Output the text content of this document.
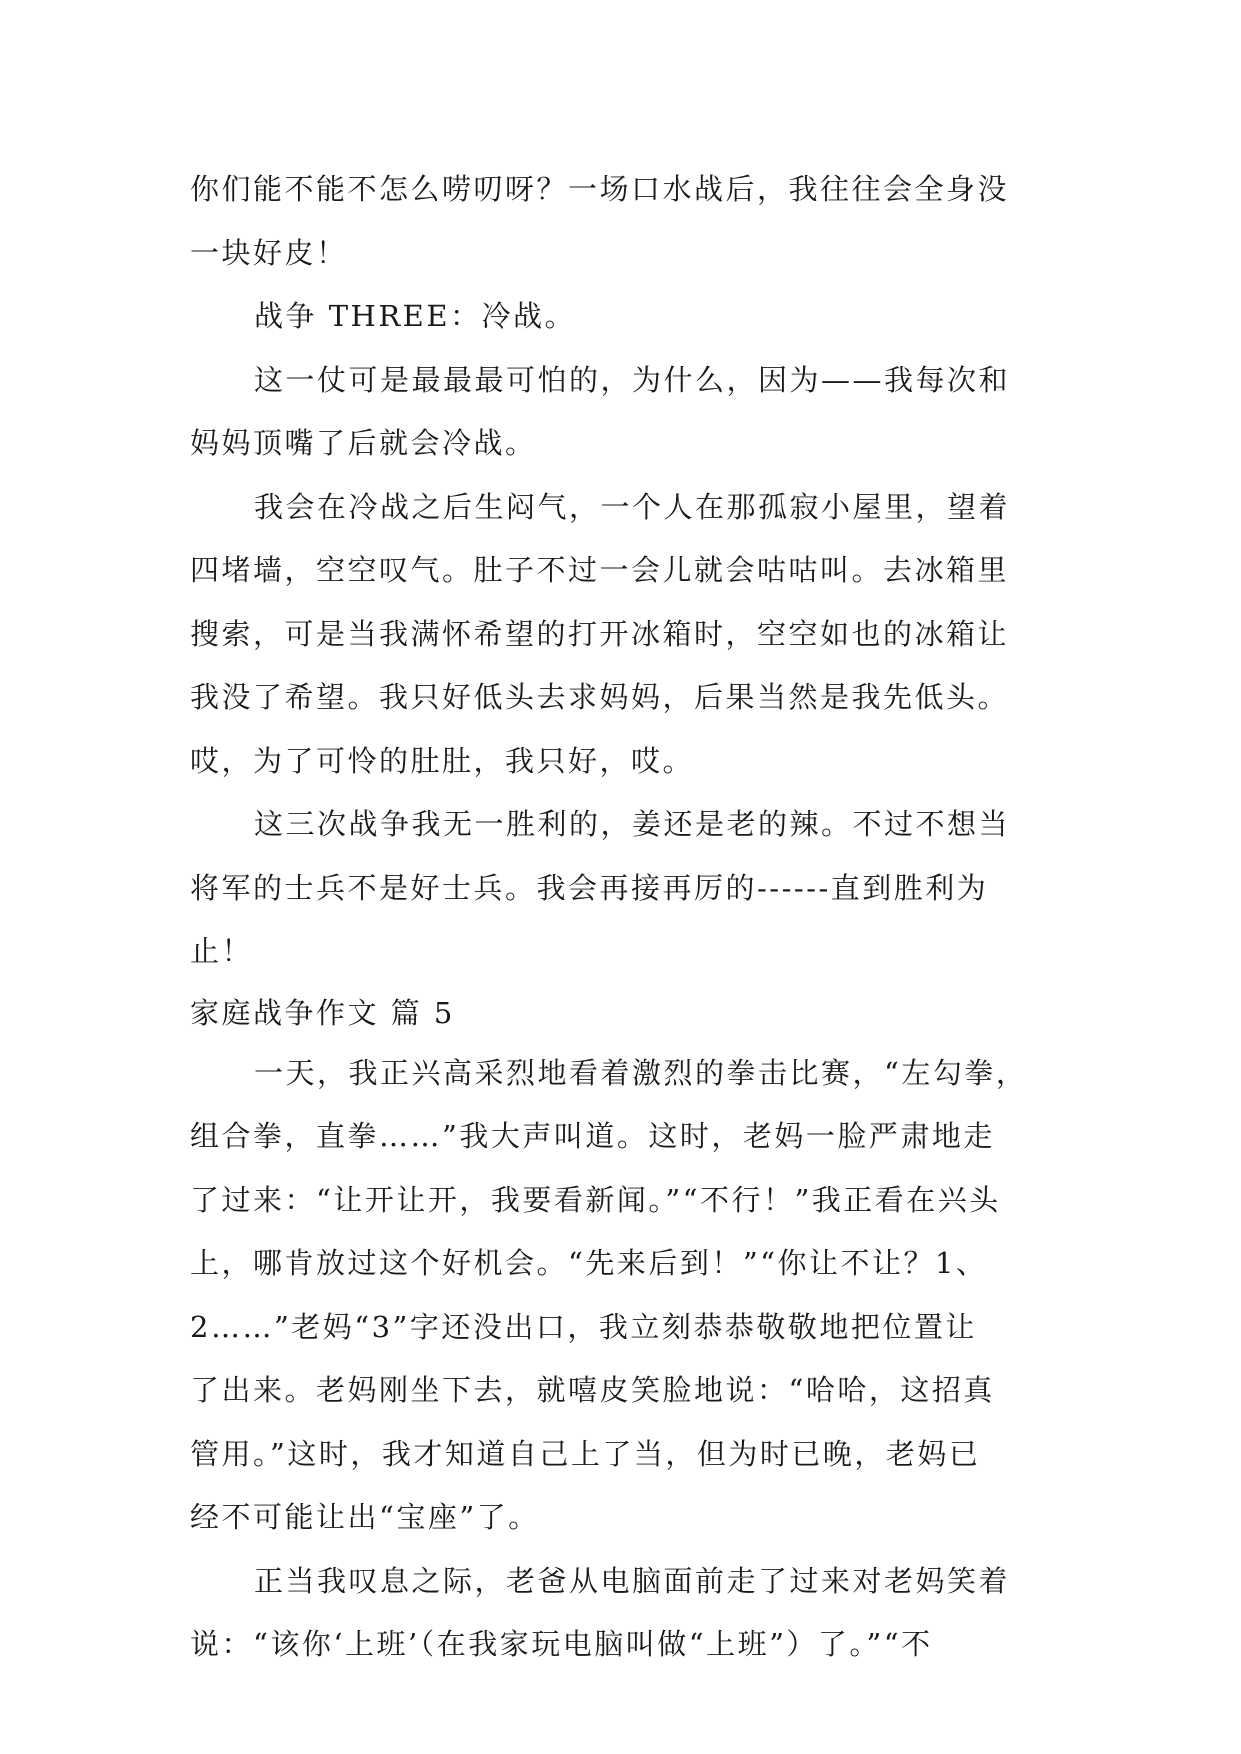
你们能不能不怎么唠叨呀？一场口水战后，我往往会全身没
一块好皮！
战争 THREE：冷战。
这一仗可是最最最可怕的，为什么，因为——我每次和
妈妈顶嘴了后就会冷战。
我会在冷战之后生闷气，一个人在那孤寂小屋里，望着
四堵墙，空空叹气。肚子不过一会儿就会咕咕叫。去冰箱里
搜索，可是当我满怀希望的打开冰箱时，空空如也的冰箱让
我没了希望。我只好低头去求妈妈，后果当然是我先低头。
哎，为了可怜的肚肚，我只好，哎。
这三次战争我无一胜利的，姜还是老的辣。不过不想当
将军的士兵不是好士兵。我会再接再厉的------直到胜利为
止！
家庭战争作文 篇 5
一天，我正兴高采烈地看着激烈的拳击比赛，“左勾拳，
组合拳，直拳……”我大声叫道。这时，老妈一脸严肃地走
了过来：“让开让开，我要看新闻。”“不行！”我正看在兴头
上，哪肯放过这个好机会。“先来后到！”“你让不让？1、
2……”老妈“3”字还没出口，我立刻恭恭敬敬地把位置让
了出来。老妈刚坐下去，就嘻皮笑脸地说：“哈哈，这招真
管用。”这时，我才知道自己上了当，但为时已晚，老妈已
经不可能让出“宝座”了。
正当我叹息之际，老爸从电脑面前走了过来对老妈笑着
说：“该你‘上班’（在我家玩电脑叫做“上班”）了。”“不
